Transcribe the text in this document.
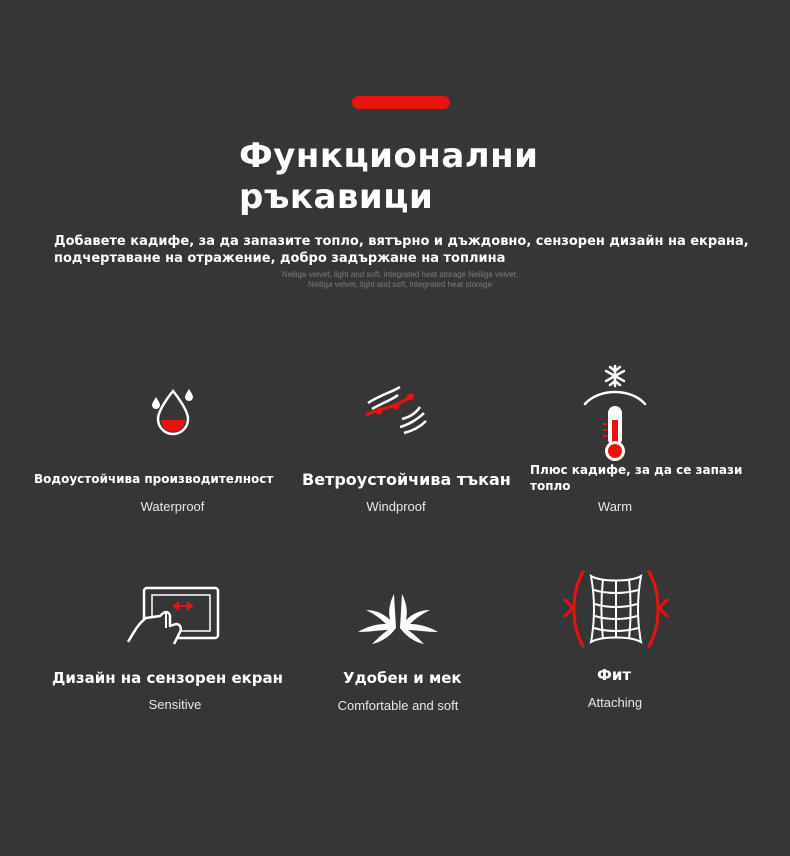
Функционални
ръкавици
Добавете кадифе, за да запазите топло, вятърно и дъждовно, сензорен дизайн на екрана,
подчертаване на отражение, добро задържане на топлина
Neiliga velvet, light and soft, integrated heat storage Neiliga velvet,
Neiliga velvet, light and soft, integrated heat storage
Водоустойчива производителност
Waterproof
Ветроустойчива тъкан
Windproof
Плюс кадифе, за да се запази топло
Warm
Дизайн на сензорен екран
Sensitive
Удобен и мек
Comfortable and soft
Фит
Attaching
